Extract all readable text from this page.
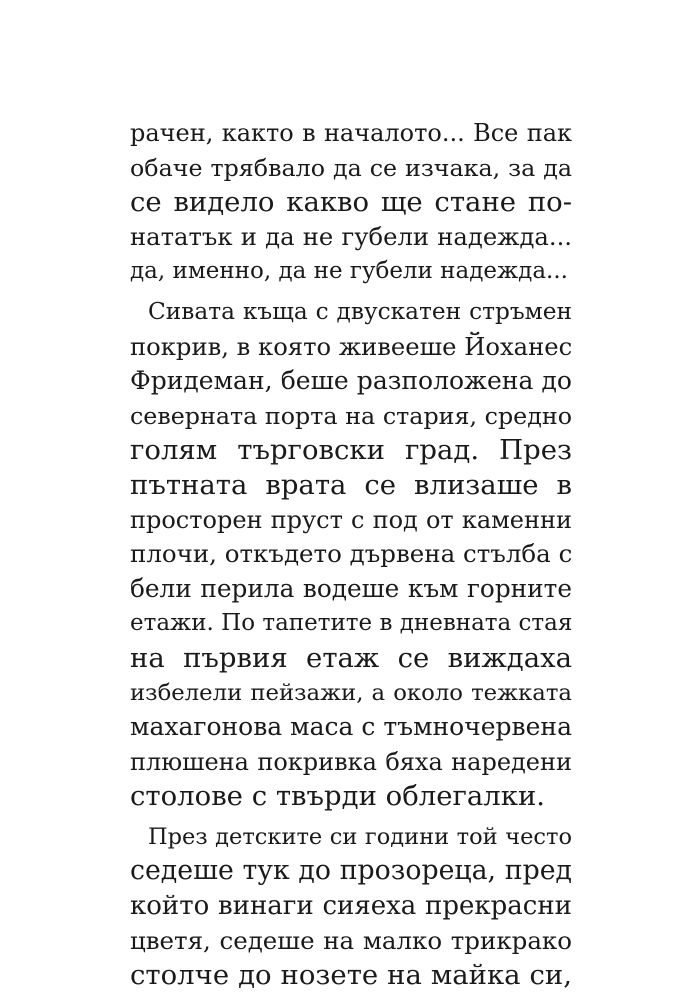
рачен, както в началото... Все пак
обаче трябвало да се изчака, за да
се видело какво ще стане по-
нататък и да не губели надежда...
да, именно, да не губели надежда...

Сивата къща с двускатен стръмен
покрив, в която живееше Йоханес
Фридеман, беше разположена до
северната порта на стария, средно
голям търговски град. През
пътната врата се влизаше в
просторен пруст с под от каменни
плочи, откъдето дървена стълба с
бели перила водеше към горните
етажи. По тапетите в дневната стая
на първия етаж се виждаха
избелели пейзажи, а около тежката
махагонова маса с тъмночервена
плюшена покривка бяха наредени
столове с твърди облегалки.

През детските си години той често
седеше тук до прозореца, пред
който винаги сияеха прекрасни
цветя, седеше на малко трикрако
столче до нозете на майка си,
